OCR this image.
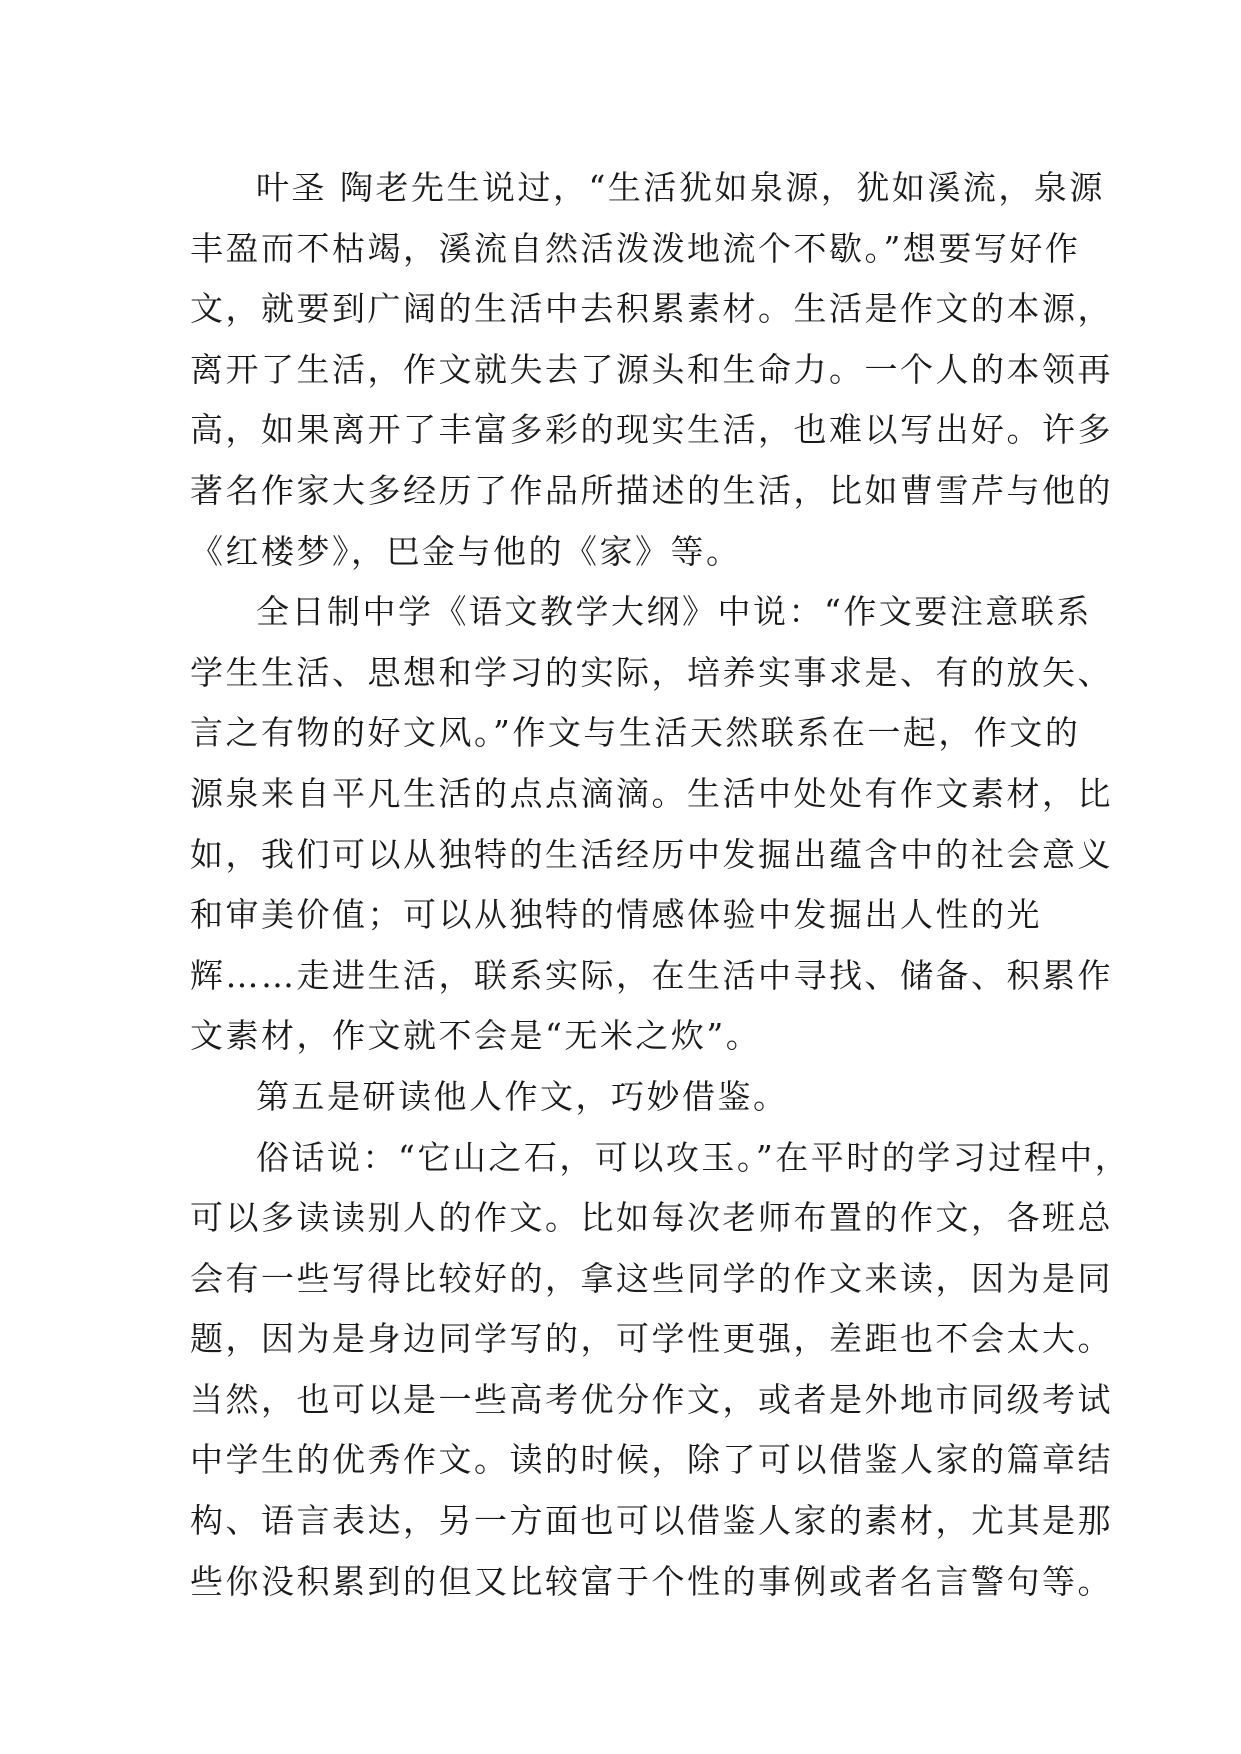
叶圣 陶老先生说过，“生活犹如泉源，犹如溪流，泉源
丰盈而不枯竭，溪流自然活泼泼地流个不歇。”想要写好作
文，就要到广阔的生活中去积累素材。生活是作文的本源，
离开了生活，作文就失去了源头和生命力。一个人的本领再
高，如果离开了丰富多彩的现实生活，也难以写出好。许多
著名作家大多经历了作品所描述的生活，比如曹雪芹与他的
《红楼梦》，巴金与他的《家》等。
全日制中学《语文教学大纲》中说：“作文要注意联系
学生生活、思想和学习的实际，培养实事求是、有的放矢、
言之有物的好文风。”作文与生活天然联系在一起，作文的
源泉来自平凡生活的点点滴滴。生活中处处有作文素材，比
如，我们可以从独特的生活经历中发掘出蕴含中的社会意义
和审美价值；可以从独特的情感体验中发掘出人性的光
辉……走进生活，联系实际，在生活中寻找、储备、积累作
文素材，作文就不会是“无米之炊”。
第五是研读他人作文，巧妙借鉴。
俗话说：“它山之石，可以攻玉。”在平时的学习过程中，
可以多读读别人的作文。比如每次老师布置的作文，各班总
会有一些写得比较好的，拿这些同学的作文来读，因为是同
题，因为是身边同学写的，可学性更强，差距也不会太大。
当然，也可以是一些高考优分作文，或者是外地市同级考试
中学生的优秀作文。读的时候，除了可以借鉴人家的篇章结
构、语言表达，另一方面也可以借鉴人家的素材，尤其是那
些你没积累到的但又比较富于个性的事例或者名言警句等。
